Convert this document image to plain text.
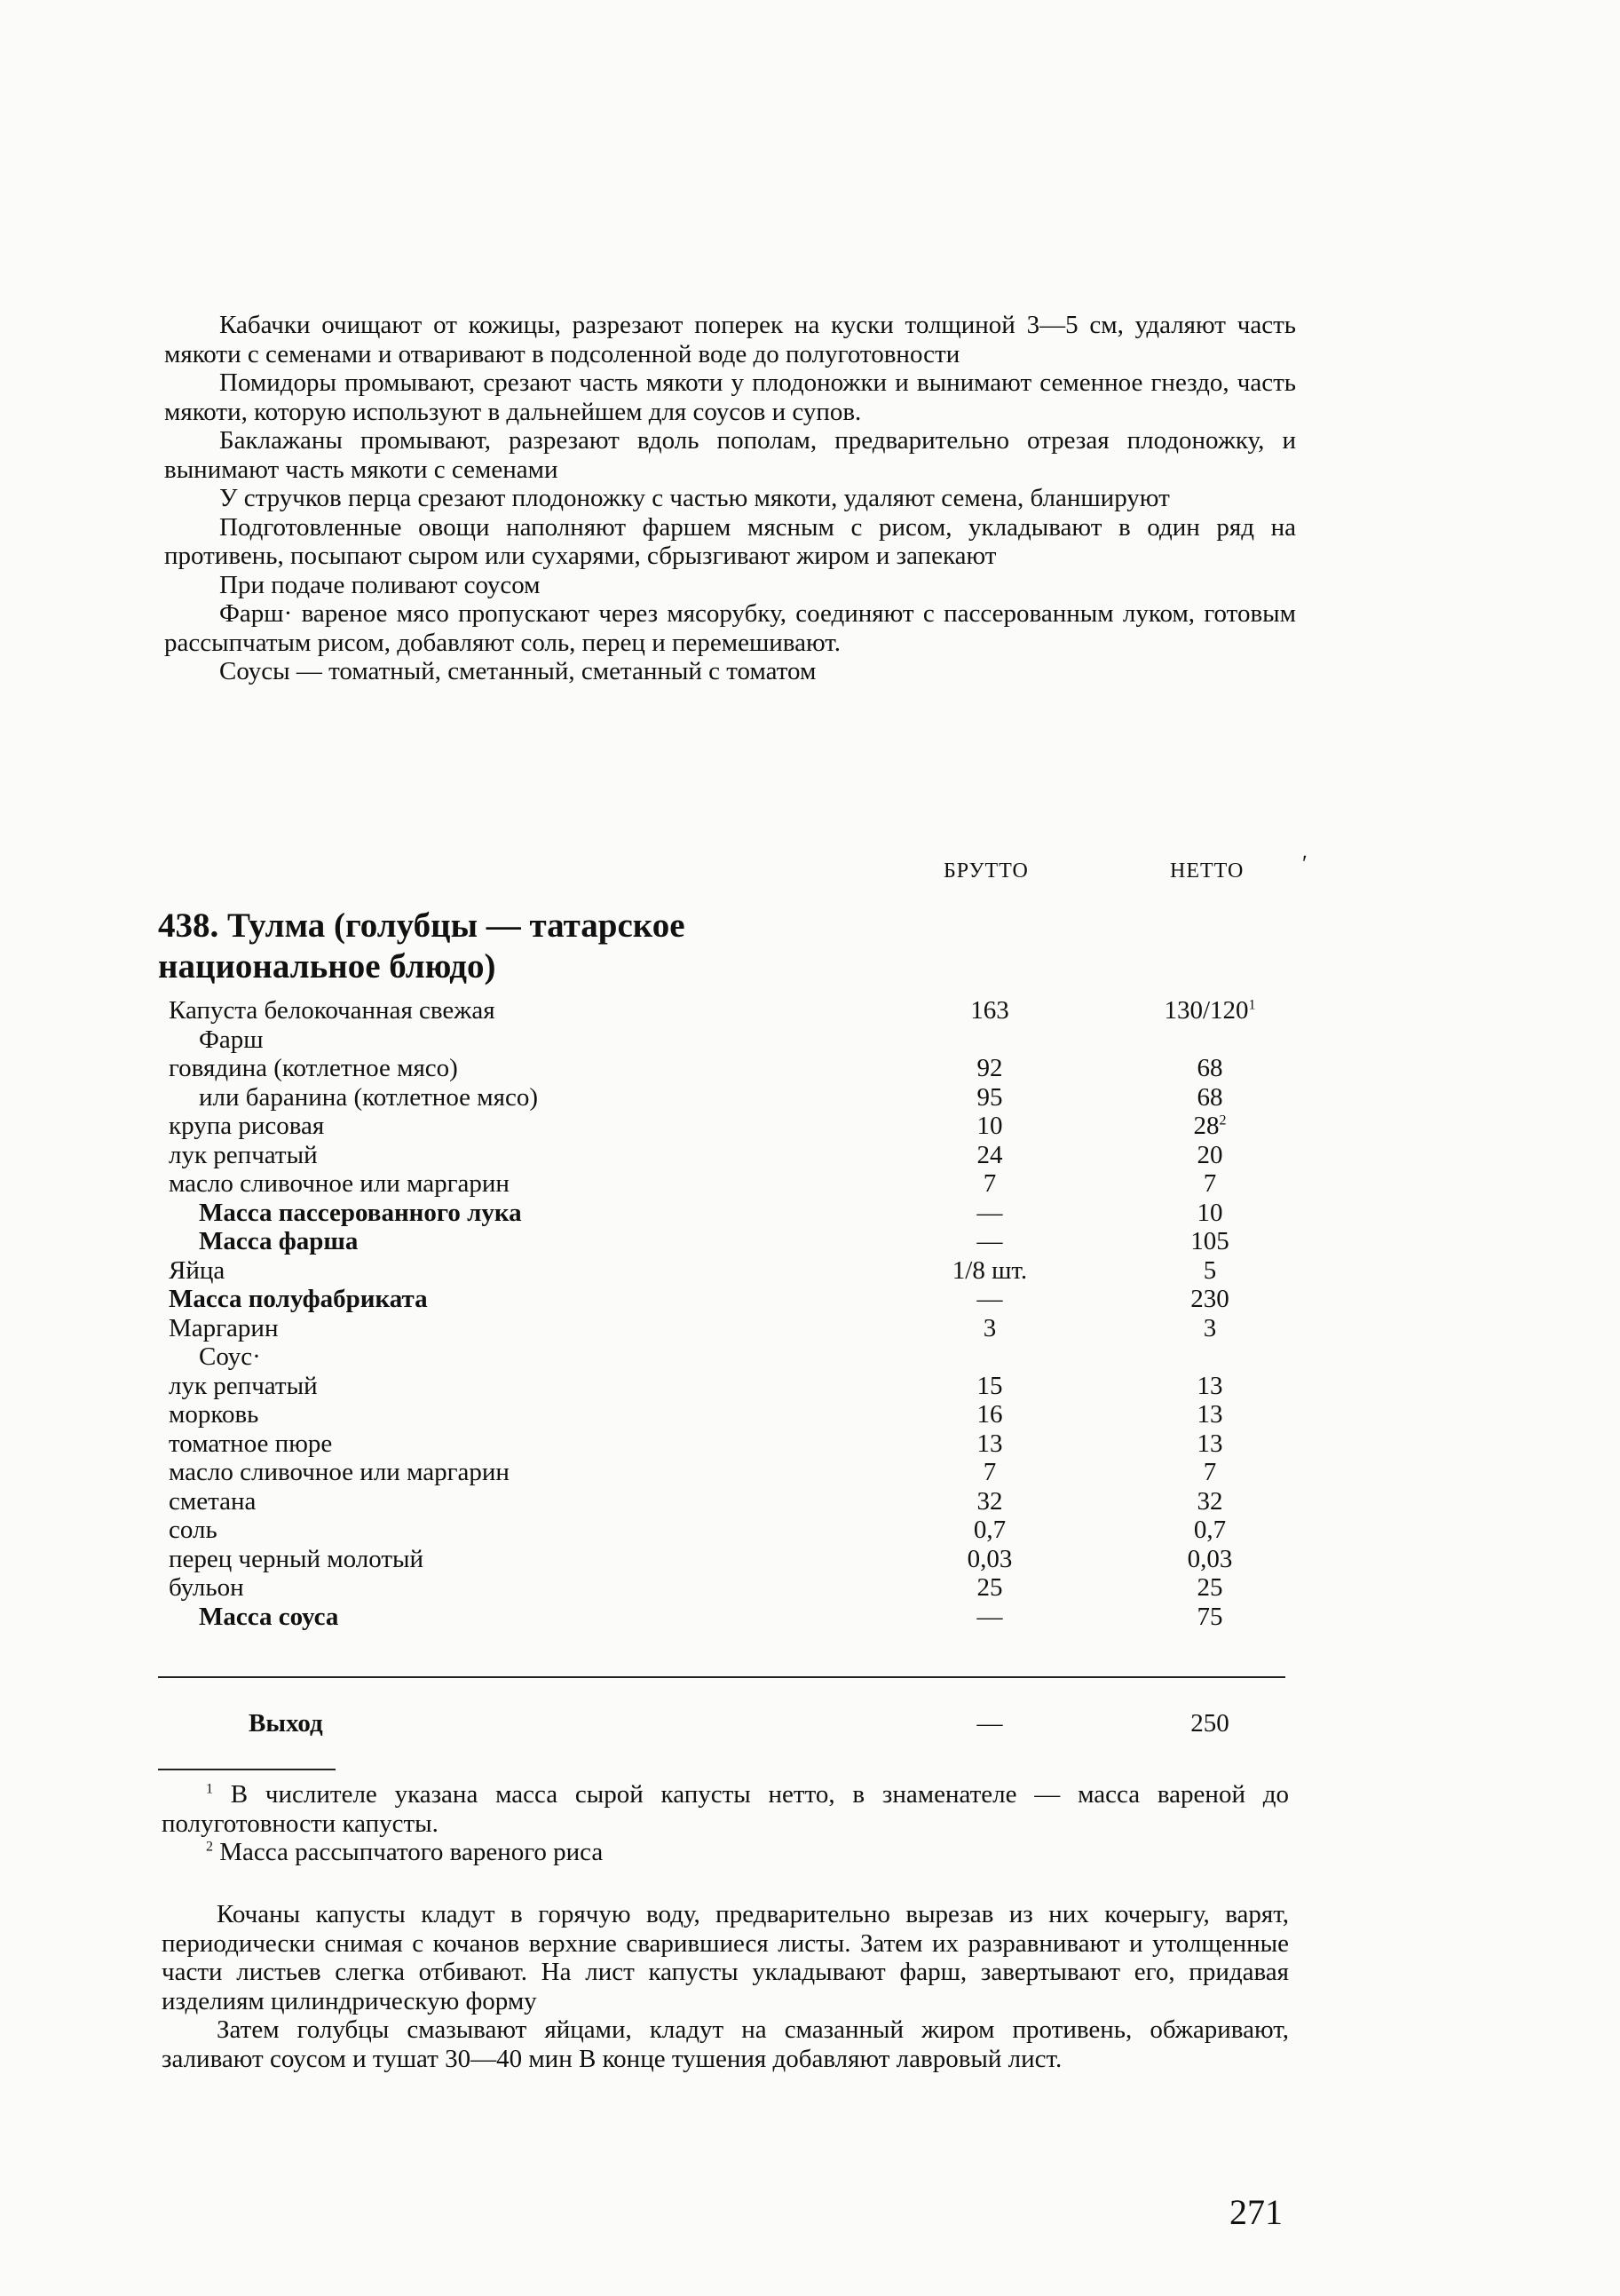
Кабачки очищают от кожицы, разрезают поперек на куски толщиной 3—5 см, удаляют часть мякоти с семенами и отваривают в подсоленной воде до полуготовности

Помидоры промывают, срезают часть мякоти у плодоножки и вынимают семенное гнездо, часть мякоти, которую используют в дальнейшем для соусов и супов.

Баклажаны промывают, разрезают вдоль пополам, предварительно отрезая плодоножку, и вынимают часть мякоти с семенами

У стручков перца срезают плодоножку с частью мякоти, удаляют семена, бланшируют

Подготовленные овощи наполняют фаршем мясным с рисом, укладывают в один ряд на противень, посыпают сыром или сухарями, сбрызгивают жиром и запекают

При подаче поливают соусом

Фарш· вареное мясо пропускают через мясорубку, соединяют с пассерованным луком, готовым рассыпчатым рисом, добавляют соль, перец и перемешивают.

Соусы — томатный, сметанный, сметанный с томатом

БРУТТО	НЕТТО	ʹ
438. Тулма (голубцы — татарское национальное блюдо)
Капуста белокочанная свежая	163	$130/120^1$
Фарш
говядина (котлетное мясо)	92	68
или баранина (котлетное мясо)	95	68
крупа рисовая	10	$28^2$
лук репчатый	24	20
масло сливочное или маргарин	7	7
Масса пассерованного лука	—	10
Масса фарша	—	105
Яйца	1/8 шт.	5
Масса полуфабриката	—	230
Маргарин	3	3
Соус·
лук репчатый	15	13
морковь	16	13
томатное пюре	13	13
масло сливочное или маргарин	7	7
сметана	32	32
соль	0,7	0,7
перец черный молотый	0,03	0,03
бульон	25	25
Масса соуса	—	75
Выход	—	250

$^1$ В числителе указана масса сырой капусты нетто, в знаменателе — масса вареной до полуготовности капусты.

$^2$ Масса рассыпчатого вареного риса

Кочаны капусты кладут в горячую воду, предварительно вырезав из них кочерыгу, варят, периодически снимая с кочанов верхние сварившиеся листы. Затем их разравнивают и утолщенные части листьев слегка отбивают. На лист капусты укладывают фарш, завертывают его, придавая изделиям цилиндрическую форму

Затем голубцы смазывают яйцами, кладут на смазанный жиром противень, обжаривают, заливают соусом и тушат 30—40 мин В конце тушения добавляют лавровый лист.

271
